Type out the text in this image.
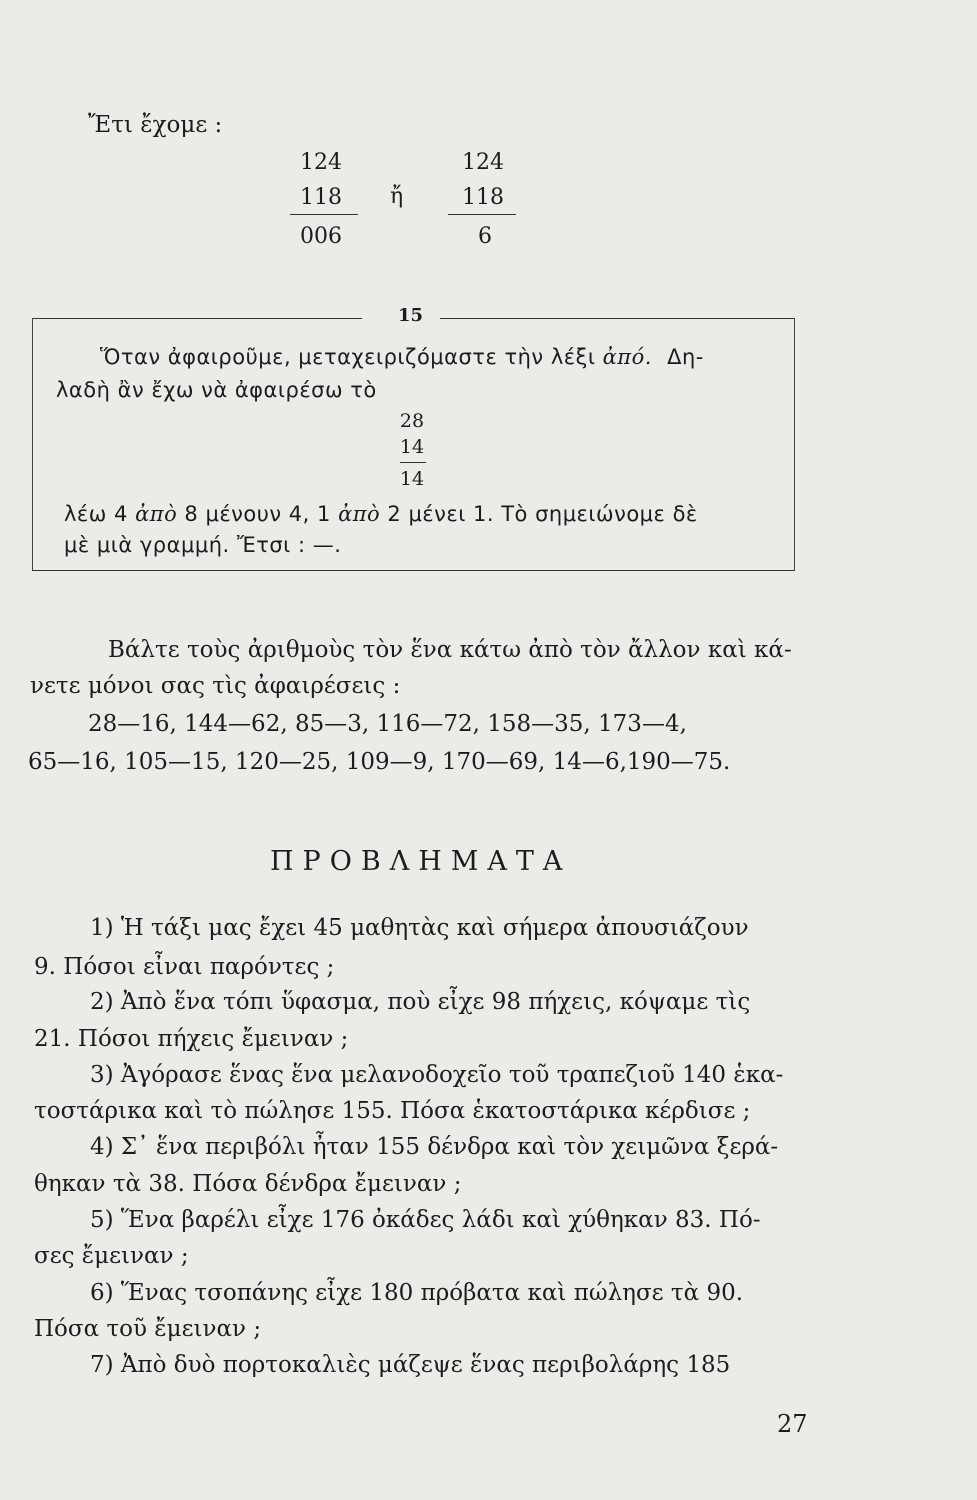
Ἔτι ἔχομε :
124
118
006
ἤ
124
118
6
15
Ὅταν ἀφαιροῦμε, μεταχειριζόμαστε τὴν λέξι ἀπό. Δη-
λαδὴ ἂν ἔχω νὰ ἀφαιρέσω τὸ
28
14
14
λέω 4 ἀπὸ 8 μένουν 4, 1 ἀπὸ 2 μένει 1. Τὸ σημειώνομε δὲ
μὲ μιὰ γραμμή. Ἔτσι : —.
Βάλτε τοὺς ἀριθμοὺς τὸν ἕνα κάτω ἀπὸ τὸν ἄλλον καὶ κά-
νετε μόνοι σας τὶς ἀφαιρέσεις :
28—16, 144—62, 85—3, 116—72, 158—35, 173—4,
65—16, 105—15, 120—25, 109—9, 170—69, 14—6,190—75.
ΠΡΟΒΛΗΜΑΤΑ
1) Ἡ τάξι μας ἔχει 45 μαθητὰς καὶ σήμερα ἀπουσιάζουν
9. Πόσοι εἶναι παρόντες ;
2) Ἀπὸ ἕνα τόπι ὕφασμα, ποὺ εἶχε 98 πήχεις, κόψαμε τὶς
21. Πόσοι πήχεις ἔμειναν ;
3) Ἀγόρασε ἕνας ἕνα μελανοδοχεῖο τοῦ τραπεζιοῦ 140 ἑκα-
τοστάρικα καὶ τὸ πώλησε 155. Πόσα ἑκατοστάρικα κέρδισε ;
4) Σ᾽ ἕνα περιβόλι ἦταν 155 δένδρα καὶ τὸν χειμῶνα ξερά-
θηκαν τὰ 38. Πόσα δένδρα ἔμειναν ;
5) Ἕνα βαρέλι εἶχε 176 ὀκάδες λάδι καὶ χύθηκαν 83. Πό-
σες ἔμειναν ;
6) Ἕνας τσοπάνης εἶχε 180 πρόβατα καὶ πώλησε τὰ 90.
Πόσα τοῦ ἔμειναν ;
7) Ἀπὸ δυὸ πορτοκαλιὲς μάζεψε ἕνας περιβολάρης 185
27
